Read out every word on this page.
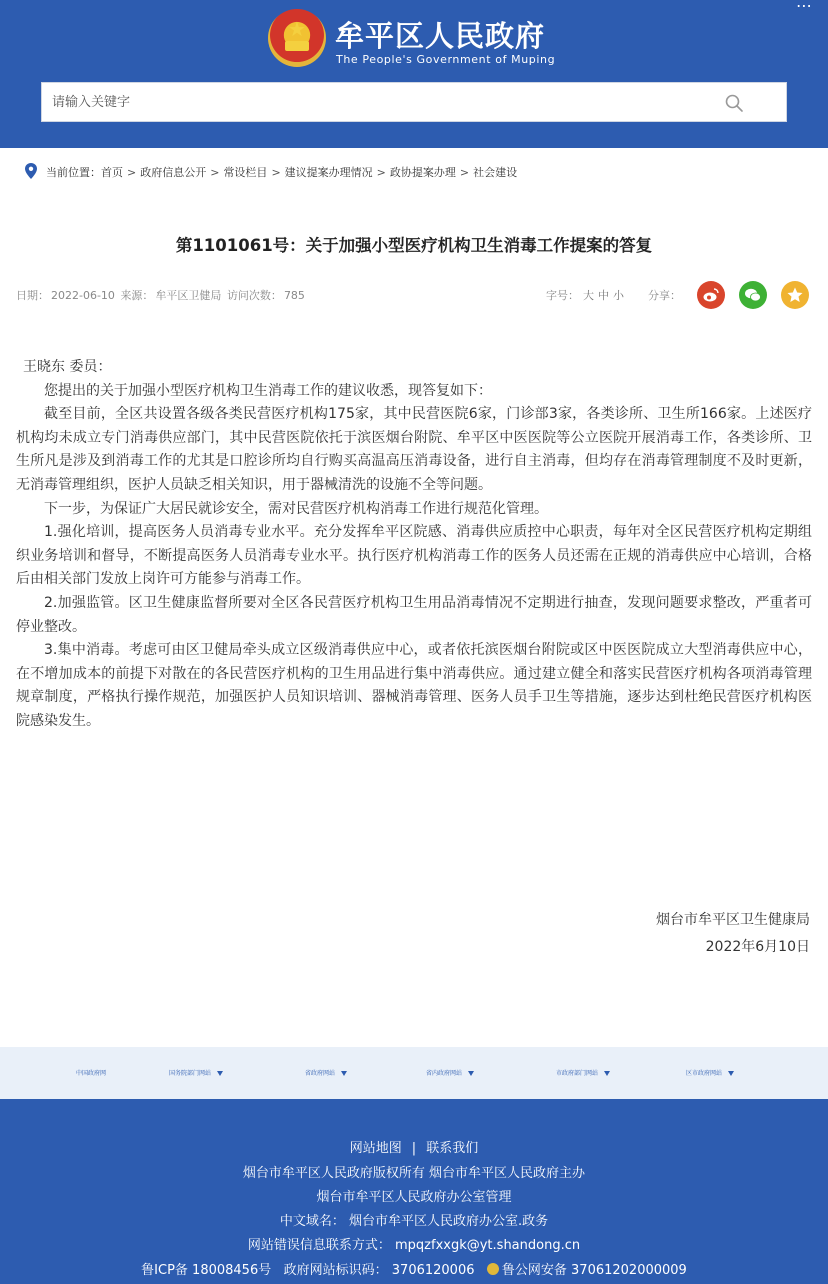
★	牟平区人民政府
The People's Government of Muping
⋯
请输入关键字
当前位置：首页 > 政府信息公开 > 常设栏目 > 建议提案办理情况 > 政协提案办理 > 社会建设
第1101061号：关于加强小型医疗机构卫生消毒工作提案的答复
日期： 2022-06-10 来源： 牟平区卫健局 访问次数： 785	字号： 大 中 小 分享：

王晓东 委员：

您提出的关于加强小型医疗机构卫生消毒工作的建议收悉，现答复如下：

截至目前，全区共设置各级各类民营医疗机构175家，其中民营医院6家，门诊部3家，各类诊所、卫生所166家。上述医疗机构均未成立专门消毒供应部门，其中民营医院依托于滨医烟台附院、牟平区中医医院等公立医院开展消毒工作，各类诊所、卫生所凡是涉及到消毒工作的尤其是口腔诊所均自行购买高温高压消毒设备，进行自主消毒，但均存在消毒管理制度不及时更新，无消毒管理组织，医护人员缺乏相关知识，用于器械清洗的设施不全等问题。

下一步，为保证广大居民就诊安全，需对民营医疗机构消毒工作进行规范化管理。

1.强化培训，提高医务人员消毒专业水平。充分发挥牟平区院感、消毒供应质控中心职责，每年对全区民营医疗机构定期组织业务培训和督导，不断提高医务人员消毒专业水平。执行医疗机构消毒工作的医务人员还需在正规的消毒供应中心培训，合格后由相关部门发放上岗许可方能参与消毒工作。

2.加强监管。区卫生健康监督所要对全区各民营医疗机构卫生用品消毒情况不定期进行抽查，发现问题要求整改，严重者可停业整改。

3.集中消毒。考虑可由区卫健局牵头成立区级消毒供应中心，或者依托滨医烟台附院或区中医医院成立大型消毒供应中心，在不增加成本的前提下对散在的各民营医疗机构的卫生用品进行集中消毒供应。通过建立健全和落实民营医疗机构各项消毒管理规章制度，严格执行操作规范，加强医护人员知识培训、器械消毒管理、医务人员手卫生等措施，逐步达到杜绝民营医疗机构医院感染发生。

烟台市牟平区卫生健康局
2022年6月10日
中国政府网	国务院部门网站	省政府网站	省内政府网站	市政府部门网站	区市政府网站
网站地图 | 联系我们
烟台市牟平区人民政府版权所有 烟台市牟平区人民政府主办
烟台市牟平区人民政府办公室管理
中文域名： 烟台市牟平区人民政府办公室.政务
网站错误信息联系方式： mpqzfxxgk@yt.shandong.cn
鲁ICP备 18008456号 政府网站标识码： 3706120006 鲁公网安备 37061202000009
